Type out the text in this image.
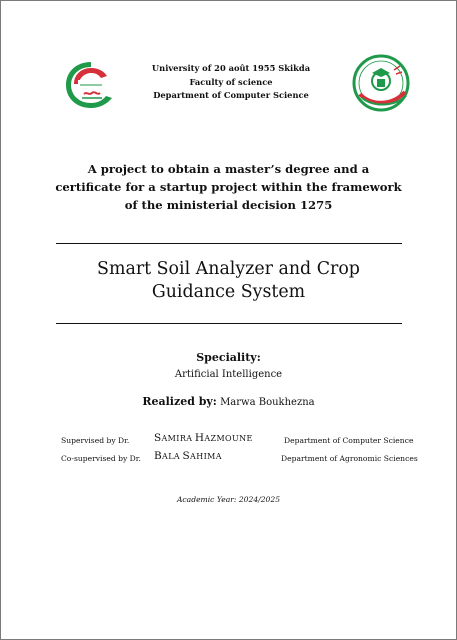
University of 20 août 1955 Skikda
Faculty of science
Department of Computer Science
A project to obtain a master’s degree and a
certificate for a startup project within the framework
of the ministerial decision 1275
Smart Soil Analyzer and Crop
Guidance System
Speciality:
Artificial Intelligence
Realized by: Marwa Boukhezna
Supervised by Dr. SAMIRA HAZMOUNE	Department of Computer Science
Co-supervised by Dr. BALA SAHIMA	Department of Agronomic Sciences
Academic Year: 2024/2025
